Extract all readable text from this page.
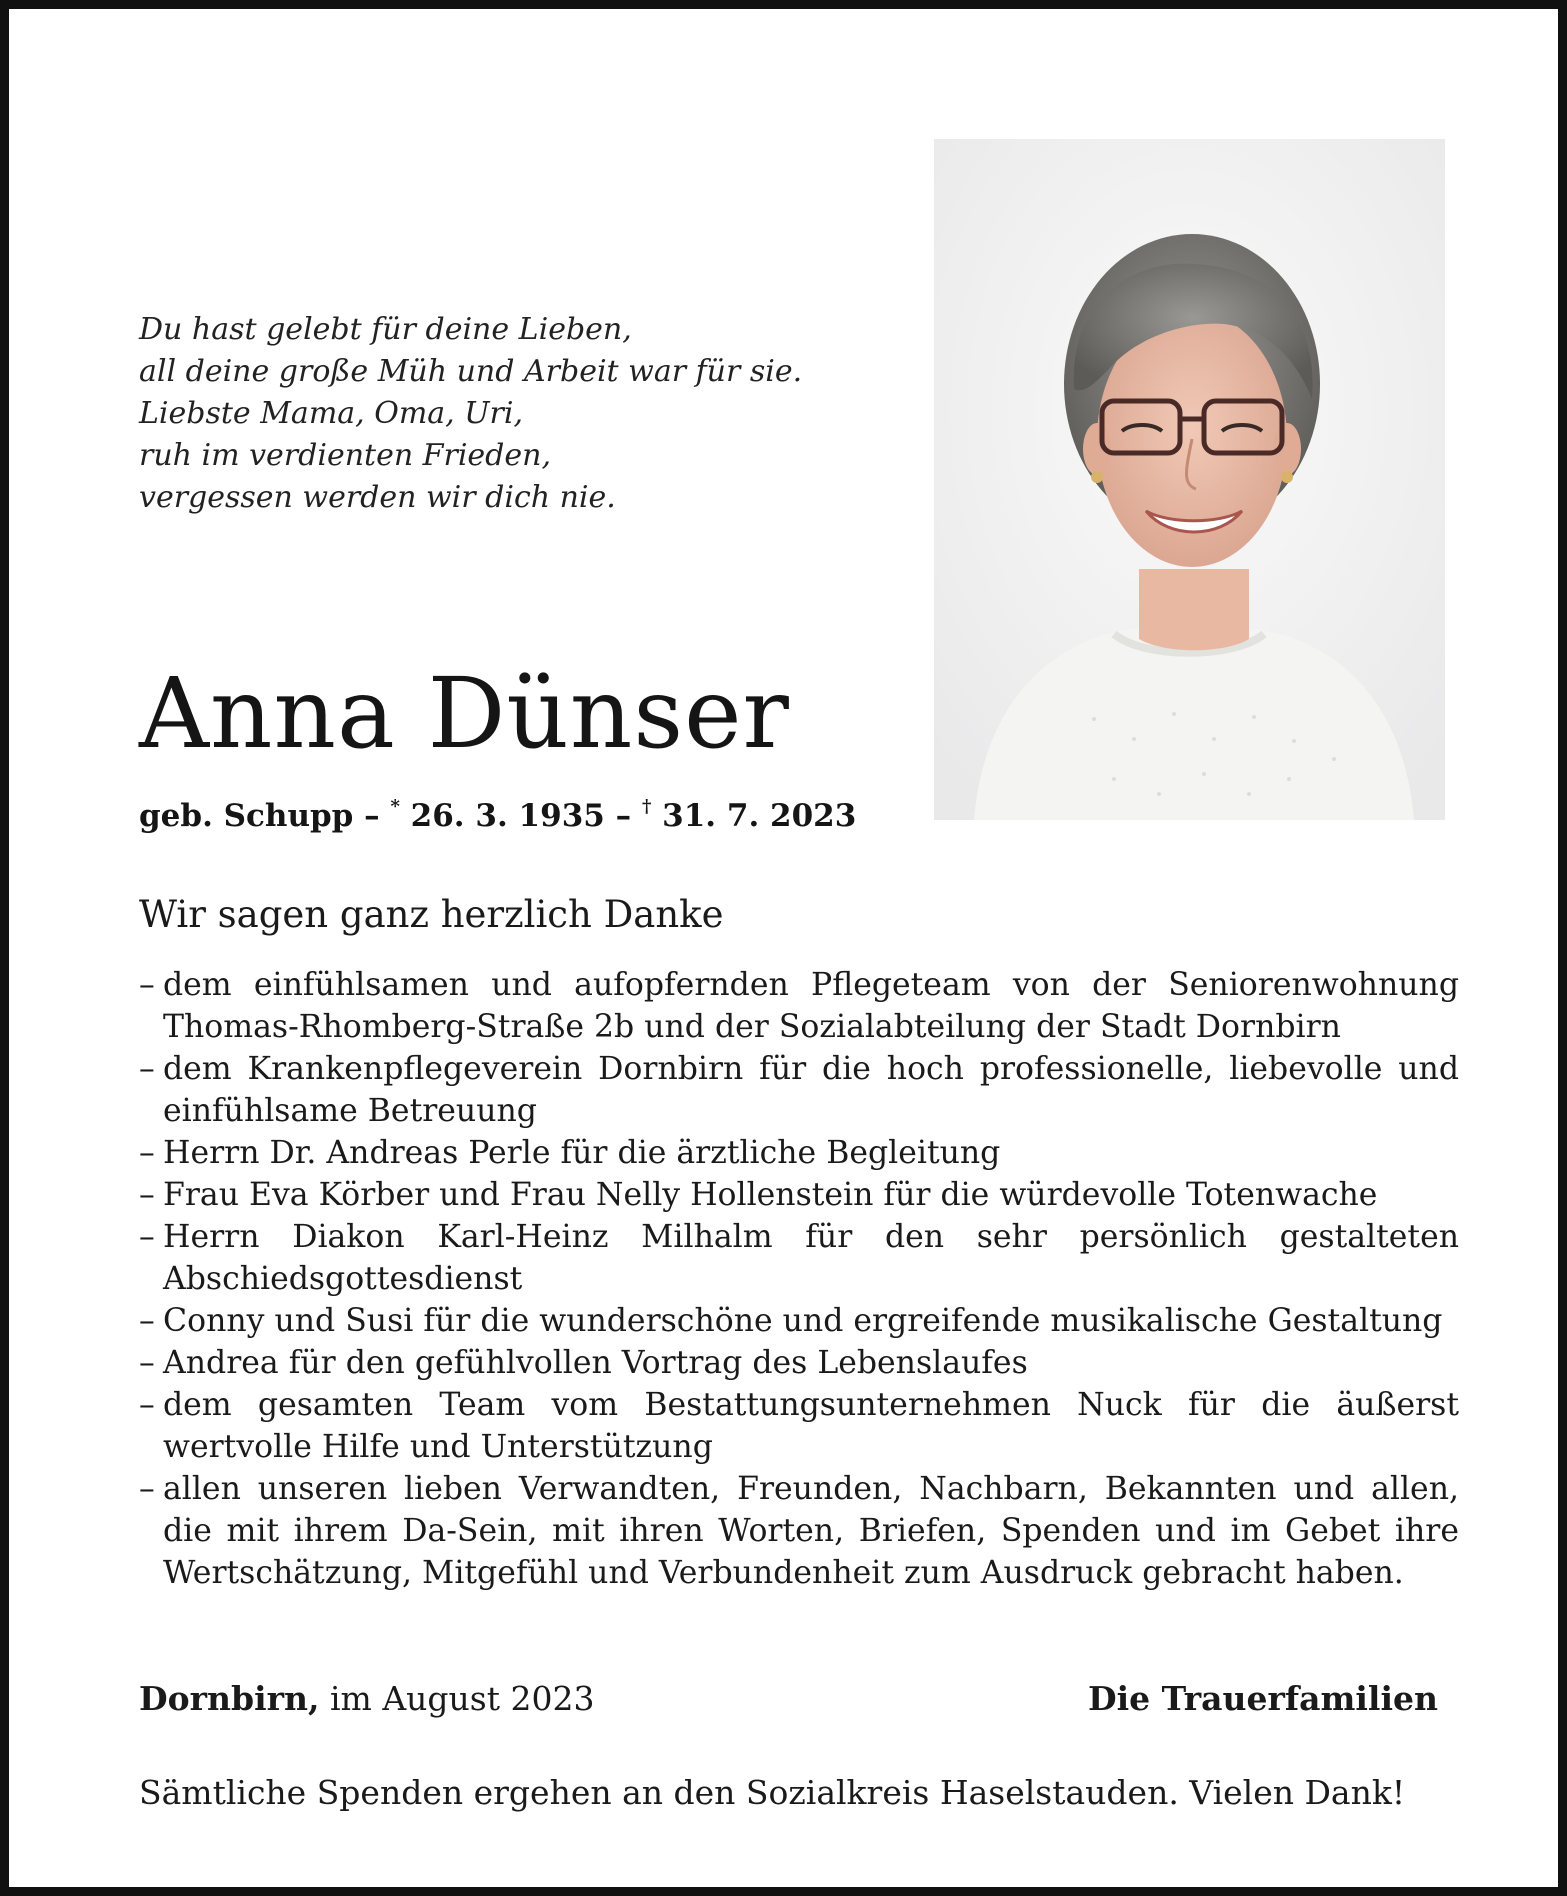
Du hast gelebt für deine Lieben,
all deine große Müh und Arbeit war für sie.
Liebste Mama, Oma, Uri,
ruh im verdienten Frieden,
vergessen werden wir dich nie.
Anna Dünser
geb. Schupp – * 26. 3. 1935 – † 31. 7. 2023
Wir sagen ganz herzlich Danke
– dem einfühlsamen und aufopfernden Pflegeteam von der Seniorenwohnung Thomas-Rhomberg-Straße 2b und der Sozialabteilung der Stadt Dornbirn
– dem Krankenpflegeverein Dornbirn für die hoch professionelle, liebevolle und einfühlsame Betreuung
– Herrn Dr. Andreas Perle für die ärztliche Begleitung
– Frau Eva Körber und Frau Nelly Hollenstein für die würdevolle Totenwache
– Herrn Diakon Karl-Heinz Milhalm für den sehr persönlich gestalteten Abschiedsgottesdienst
– Conny und Susi für die wunderschöne und ergreifende musikalische Gestaltung
– Andrea für den gefühlvollen Vortrag des Lebenslaufes
– dem gesamten Team vom Bestattungsunternehmen Nuck für die äußerst wertvolle Hilfe und Unterstützung
– allen unseren lieben Verwandten, Freunden, Nachbarn, Bekannten und allen, die mit ihrem Da-Sein, mit ihren Worten, Briefen, Spenden und im Gebet ihre Wertschätzung, Mitgefühl und Verbundenheit zum Ausdruck gebracht haben.
Dornbirn, im August 2023	Die Trauerfamilien
Sämtliche Spenden ergehen an den Sozialkreis Haselstauden. Vielen Dank!
